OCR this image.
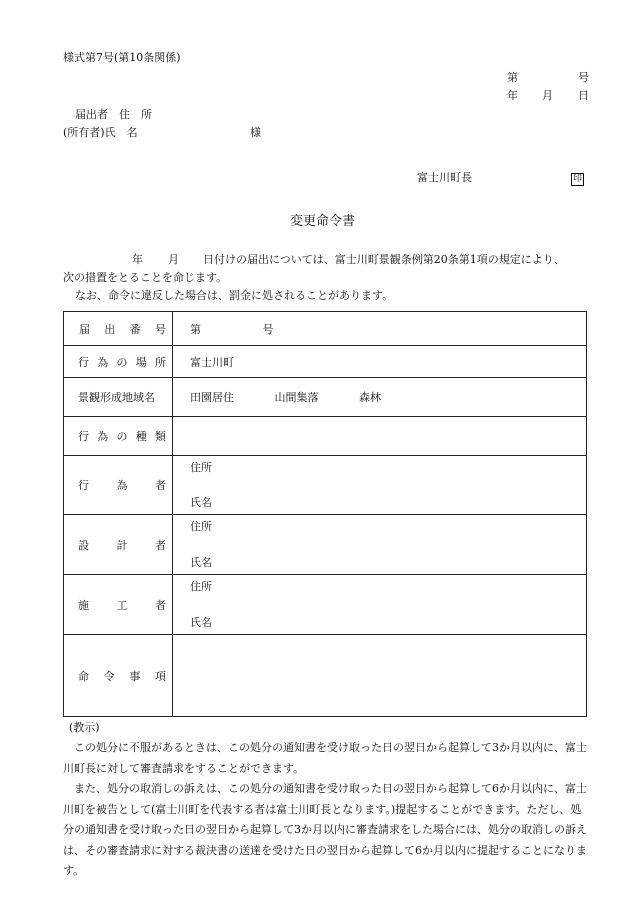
様式第7号(第10条関係)
第	号
年 月 日
届出者　住　所
(所有者)氏　名	様
富士川町長	印
変更命令書
年 月 日付けの届出については、富士川町景観条例第20条第1項の規定により、
次の措置をとることを命じます。
なお、命令に違反した場合は、罰金に処されることがあります。
届 出 番 号	第 号

行 為 の 場 所	富士川町

景観形成地域名	田園居住 山間集落 森林

行 為 の 種 類	

行 為 者	住所
氏名

設 計 者	住所
氏名

施 工 者	住所
氏名

命 令 事 項	

(教示)
　この処分に不服があるときは、この処分の通知書を受け取った日の翌日から起算して3か月以内に、富士川町長に対して審査請求をすることができます。
　また、処分の取消しの訴えは、この処分の通知書を受け取った日の翌日から起算して6か月以内に、富士川町を被告として(富士川町を代表する者は富士川町長となります。)提起することができます。ただし、処分の通知書を受け取った日の翌日から起算して3か月以内に審査請求をした場合には、処分の取消しの訴えは、その審査請求に対する裁決書の送達を受けた日の翌日から起算して6か月以内に提起することになります。
